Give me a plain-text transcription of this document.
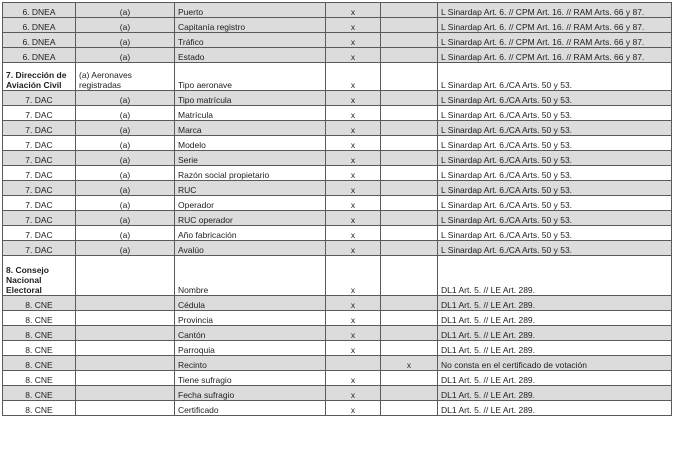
6. DNEA	(a)	Puerto	x		L Sinardap Art. 6. // CPM Art. 16. // RAM Arts. 66 y 87.
6. DNEA	(a)	Capitanía registro	x		L Sinardap Art. 6. // CPM Art. 16. // RAM Arts. 66 y 87.
6. DNEA	(a)	Tráfico	x		L Sinardap Art. 6. // CPM Art. 16. // RAM Arts. 66 y 87.
6. DNEA	(a)	Estado	x		L Sinardap Art. 6. // CPM Art. 16. // RAM Arts. 66 y 87.
7. Dirección de Aviación Civil	(a) Aeronaves registradas	Tipo aeronave	x		L Sinardap Art. 6./CA Arts. 50 y 53.
7. DAC	(a)	Tipo matrícula	x		L Sinardap Art. 6./CA Arts. 50 y 53.
7. DAC	(a)	Matrícula	x		L Sinardap Art. 6./CA Arts. 50 y 53.
7. DAC	(a)	Marca	x		L Sinardap Art. 6./CA Arts. 50 y 53.
7. DAC	(a)	Modelo	x		L Sinardap Art. 6./CA Arts. 50 y 53.
7. DAC	(a)	Serie	x		L Sinardap Art. 6./CA Arts. 50 y 53.
7. DAC	(a)	Razón social propietario	x		L Sinardap Art. 6./CA Arts. 50 y 53.
7. DAC	(a)	RUC	x		L Sinardap Art. 6./CA Arts. 50 y 53.
7. DAC	(a)	Operador	x		L Sinardap Art. 6./CA Arts. 50 y 53.
7. DAC	(a)	RUC operador	x		L Sinardap Art. 6./CA Arts. 50 y 53.
7. DAC	(a)	Año fabricación	x		L Sinardap Art. 6./CA Arts. 50 y 53.
7. DAC	(a)	Avalúo	x		L Sinardap Art. 6./CA Arts. 50 y 53.
8. Consejo Nacional Electoral		Nombre	x		DL1 Art. 5. // LE Art. 289.
8. CNE		Cédula	x		DL1 Art. 5. // LE Art. 289.
8. CNE		Provincia	x		DL1 Art. 5. // LE Art. 289.
8. CNE		Cantón	x		DL1 Art. 5. // LE Art. 289.
8. CNE		Parroquia	x		DL1 Art. 5. // LE Art. 289.
8. CNE		Recinto		x	No consta en el certificado de votación
8. CNE		Tiene sufragio	x		DL1 Art. 5. // LE Art. 289.
8. CNE		Fecha sufragio	x		DL1 Art. 5. // LE Art. 289.
8. CNE		Certificado	x		DL1 Art. 5. // LE Art. 289.
